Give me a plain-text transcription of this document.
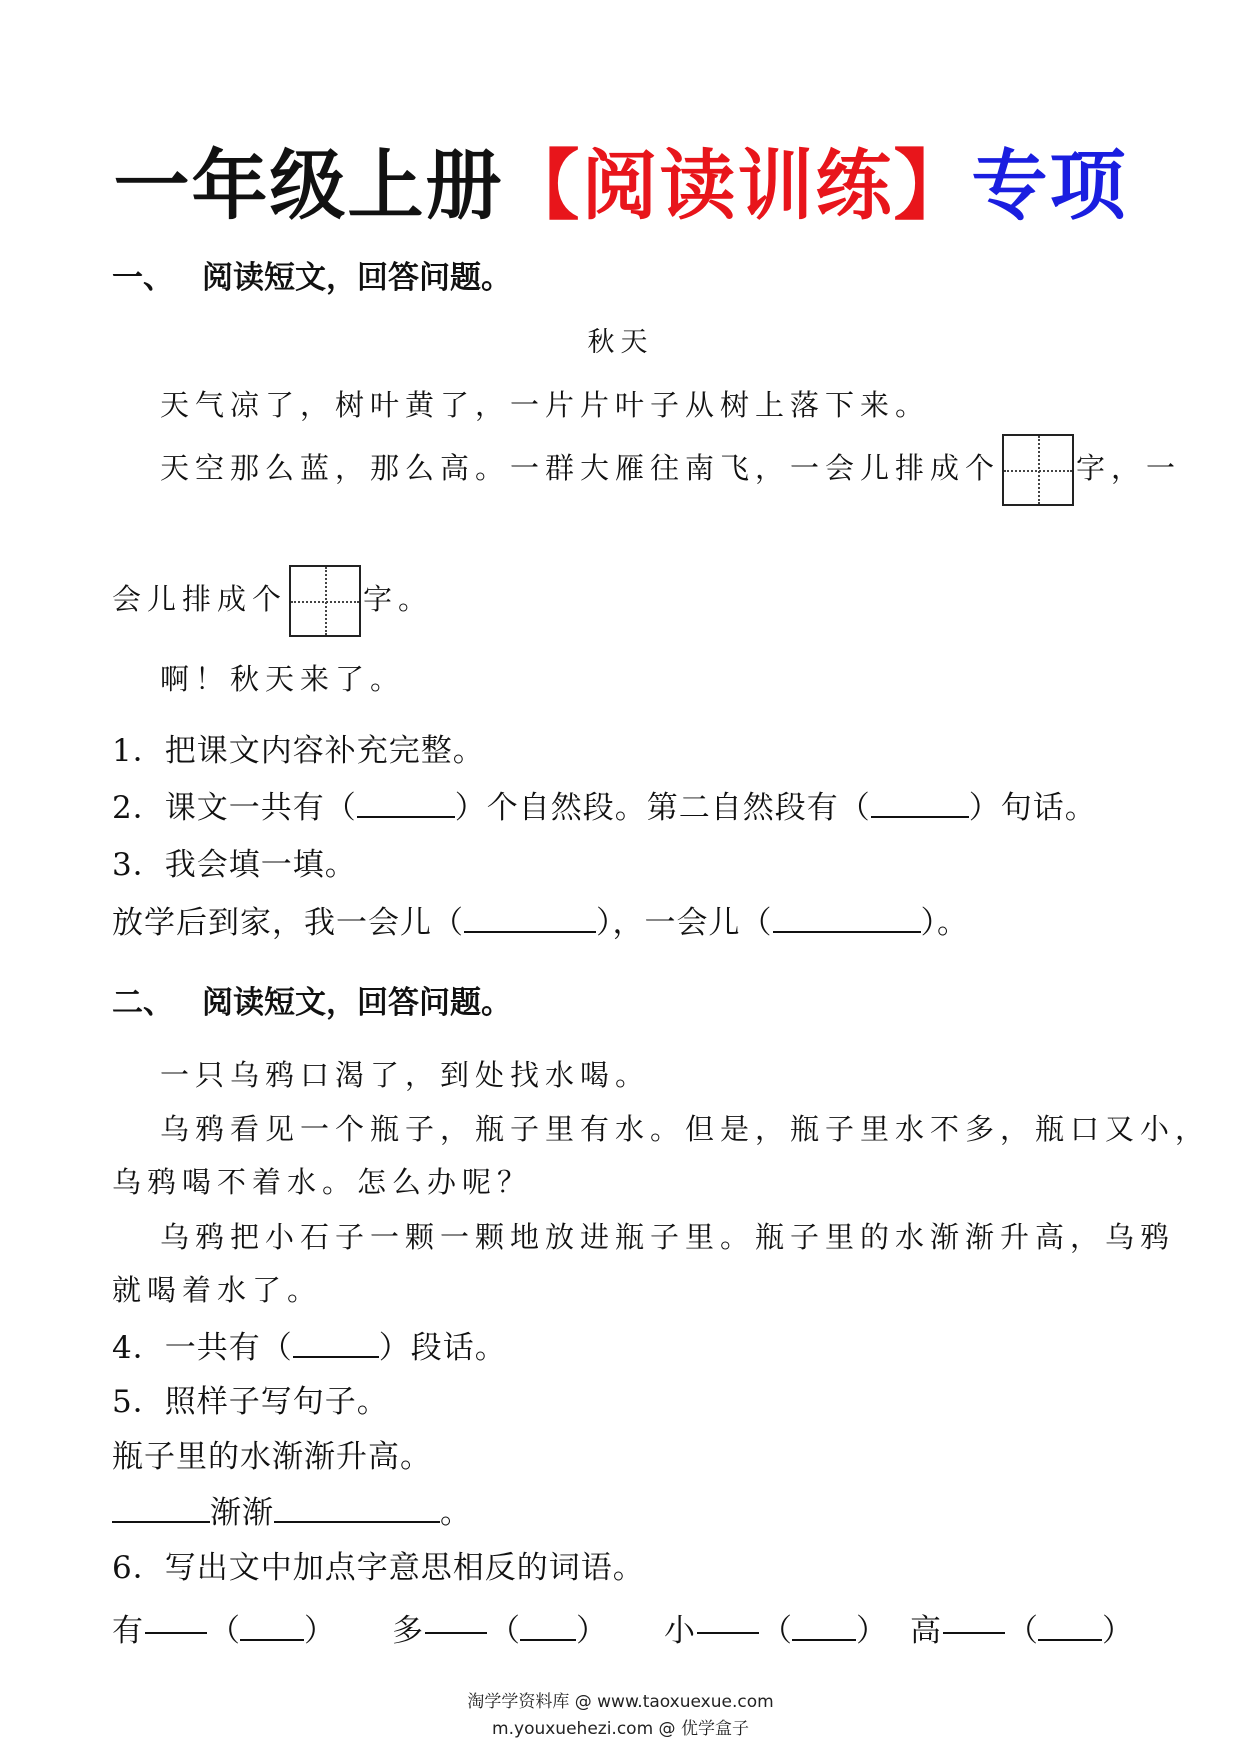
一年级上册【阅读训练】专项
一、 阅读短文，回答问题。
秋天
天气凉了，树叶黄了，一片片叶子从树上落下来。
天空那么蓝，那么高。一群大雁往南飞，一会儿排成个	字，一
会儿排成个	字。
啊！秋天来了。
1．把课文内容补充完整。
2．课文一共有（	）个自然段。第二自然段有（	）句话。
3．我会填一填。
放学后到家，我一会儿（	），一会儿（	）。
二、 阅读短文，回答问题。
一只乌鸦口渴了，到处找水喝。
乌鸦看见一个瓶子，瓶子里有水。但是，瓶子里水不多，瓶口又小，
乌鸦喝不着水。怎么办呢？
乌鸦把小石子一颗一颗地放进瓶子里。瓶子里的水渐渐升高，乌鸦
就喝着水了。
4．一共有（	）段话。
5．照样子写句子。
瓶子里的水渐渐升高。
渐渐	。
6．写出文中加点字意思相反的词语。
有 （ ） 多 （ ） 小 （ ） 高 （ ）
淘学学资料库 @ www.taoxuexue.com
m.youxuehezi.com @ 优学盒子
